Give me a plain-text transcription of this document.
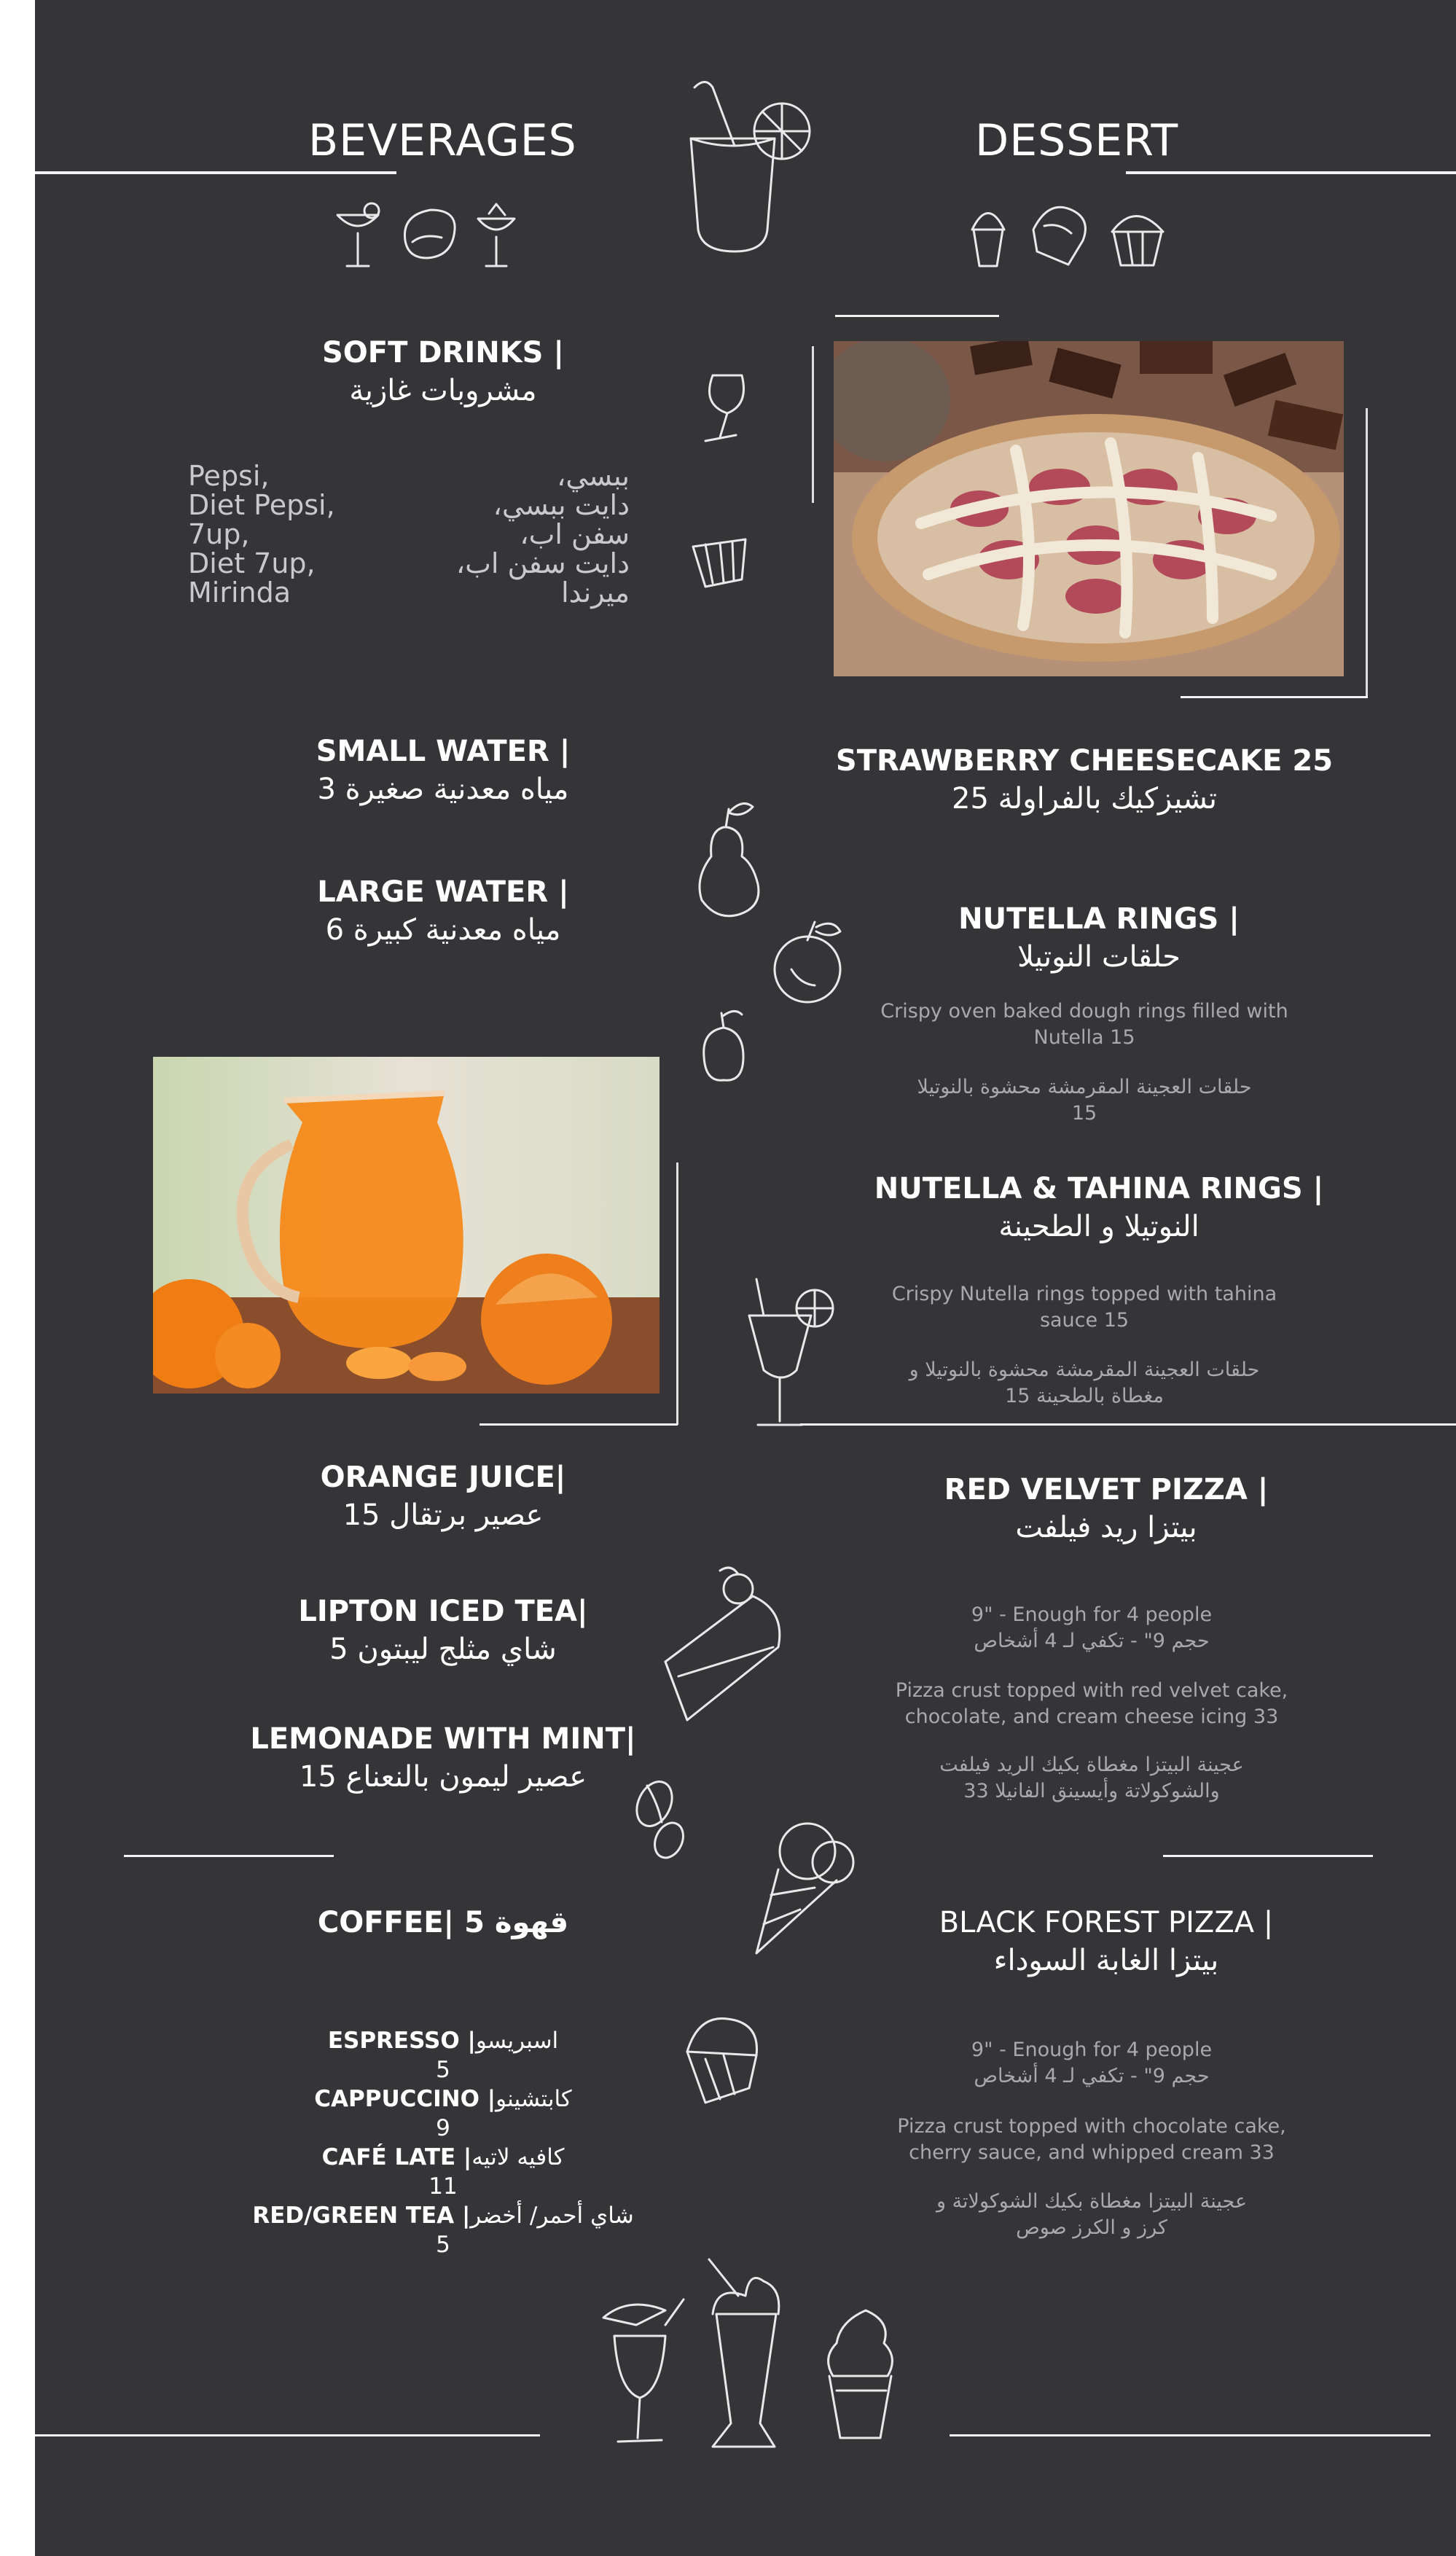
BEVERAGES	DESSERT
SOFT DRINKS |
مشروبات غازية
Pepsi,
Diet Pepsi,
7up,
Diet 7up,
Mirinda
ببسي،
دايت ببسي،
سفن اب،
دايت سفن اب،
ميرندا
SMALL WATER |
مياه معدنية صغيرة 3
LARGE WATER |
مياه معدنية كبيرة 6
STRAWBERRY CHEESECAKE 25
تشيزكيك بالفراولة 25
NUTELLA RINGS |
حلقات النوتيلا
Crispy oven baked dough rings filled with Nutella 15
حلقات العجينة المقرمشة محشوة بالنوتيلا
15
NUTELLA & TAHINA RINGS |
النوتيلا و الطحينة
Crispy Nutella rings topped with tahina sauce 15
حلقات العجينة المقرمشة محشوة بالنوتيلا و
مغطاة بالطحينة 15
ORANGE JUICE|
عصير برتقال 15
LIPTON ICED TEA|
شاي مثلج ليبتون 5
LEMONADE WITH MINT|
عصير ليمون بالنعناع 15
RED VELVET PIZZA |
بيتزا ريد فيلفت
9" - Enough for 4 people
حجم 9" - تكفي لـ 4 أشخاص
Pizza crust topped with red velvet cake, chocolate, and cream cheese icing 33
عجينة البيتزا مغطاة بكيك الريد فيلفت
والشوكولاتة وأيسينق الفانيلا 33
COFFEE| قهوة 5
ESPRESSO |اسبريسو
5
CAPPUCCINO |كابتشينو
9
CAFÉ LATE |كافيه لاتيه
11
RED/GREEN TEA |شاي أحمر/ أخضر
5
BLACK FOREST PIZZA |
بيتزا الغابة السوداء
9" - Enough for 4 people
حجم 9" - تكفي لـ 4 أشخاص
Pizza crust topped with chocolate cake, cherry sauce, and whipped cream 33
عجينة البيتزا مغطاة بكيك الشوكولاتة و
كرز و الكرز صوص
